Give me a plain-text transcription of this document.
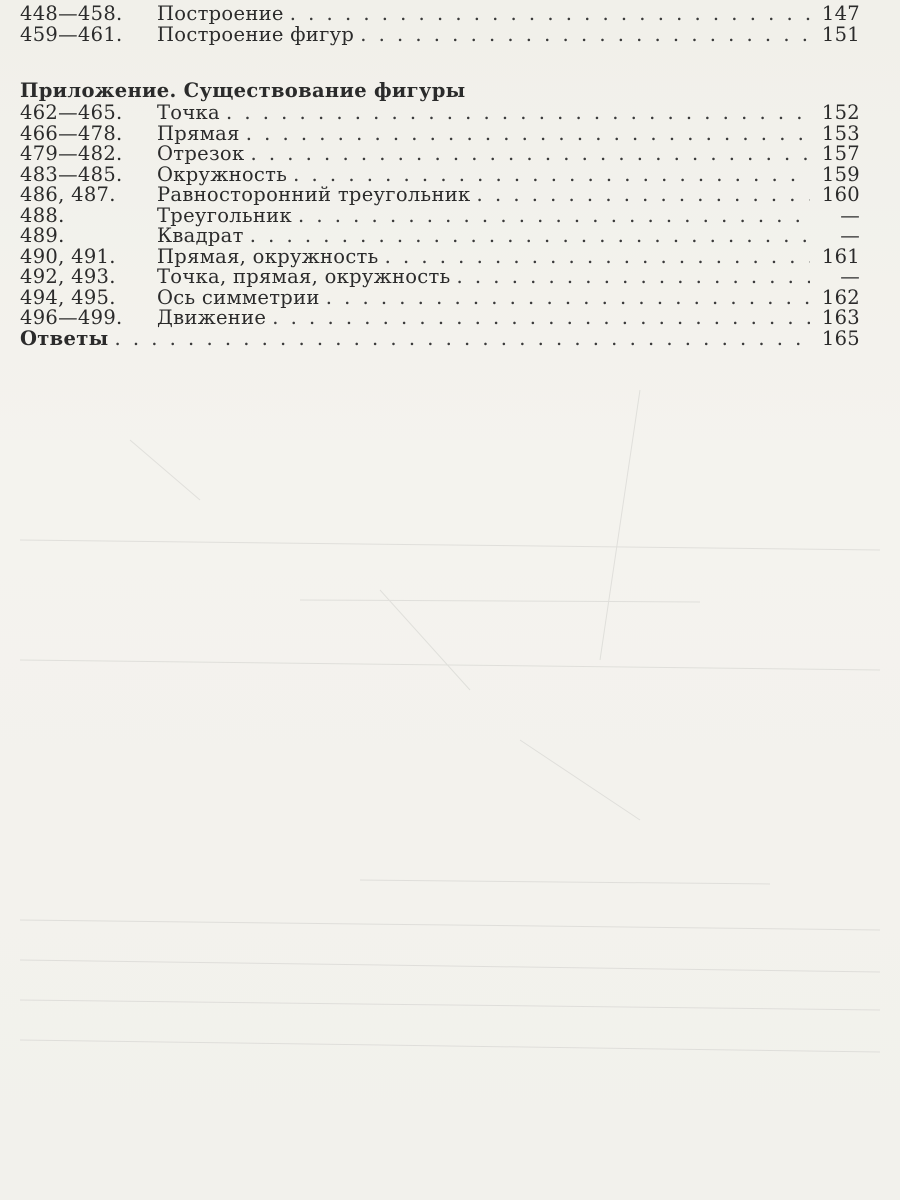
448—458.	Построение . . .	147
459—461.	Построение фигур . . .	151
Приложение. Существование фигуры
462—465.	Точка . . .	152
466—478.	Прямая . . .	153
479—482.	Отрезок . . .	157
483—485.	Окружность . . .	159
486, 487.	Равносторонний треугольник . . .	160
488.	Треугольник . . .	—
489.	Квадрат . . .	—
490, 491.	Прямая, окружность . . .	161
492, 493.	Точка, прямая, окружность . . .	—
494, 495.	Ось симметрии . . .	162
496—499.	Движение . . .	163
Ответы . . .	165
